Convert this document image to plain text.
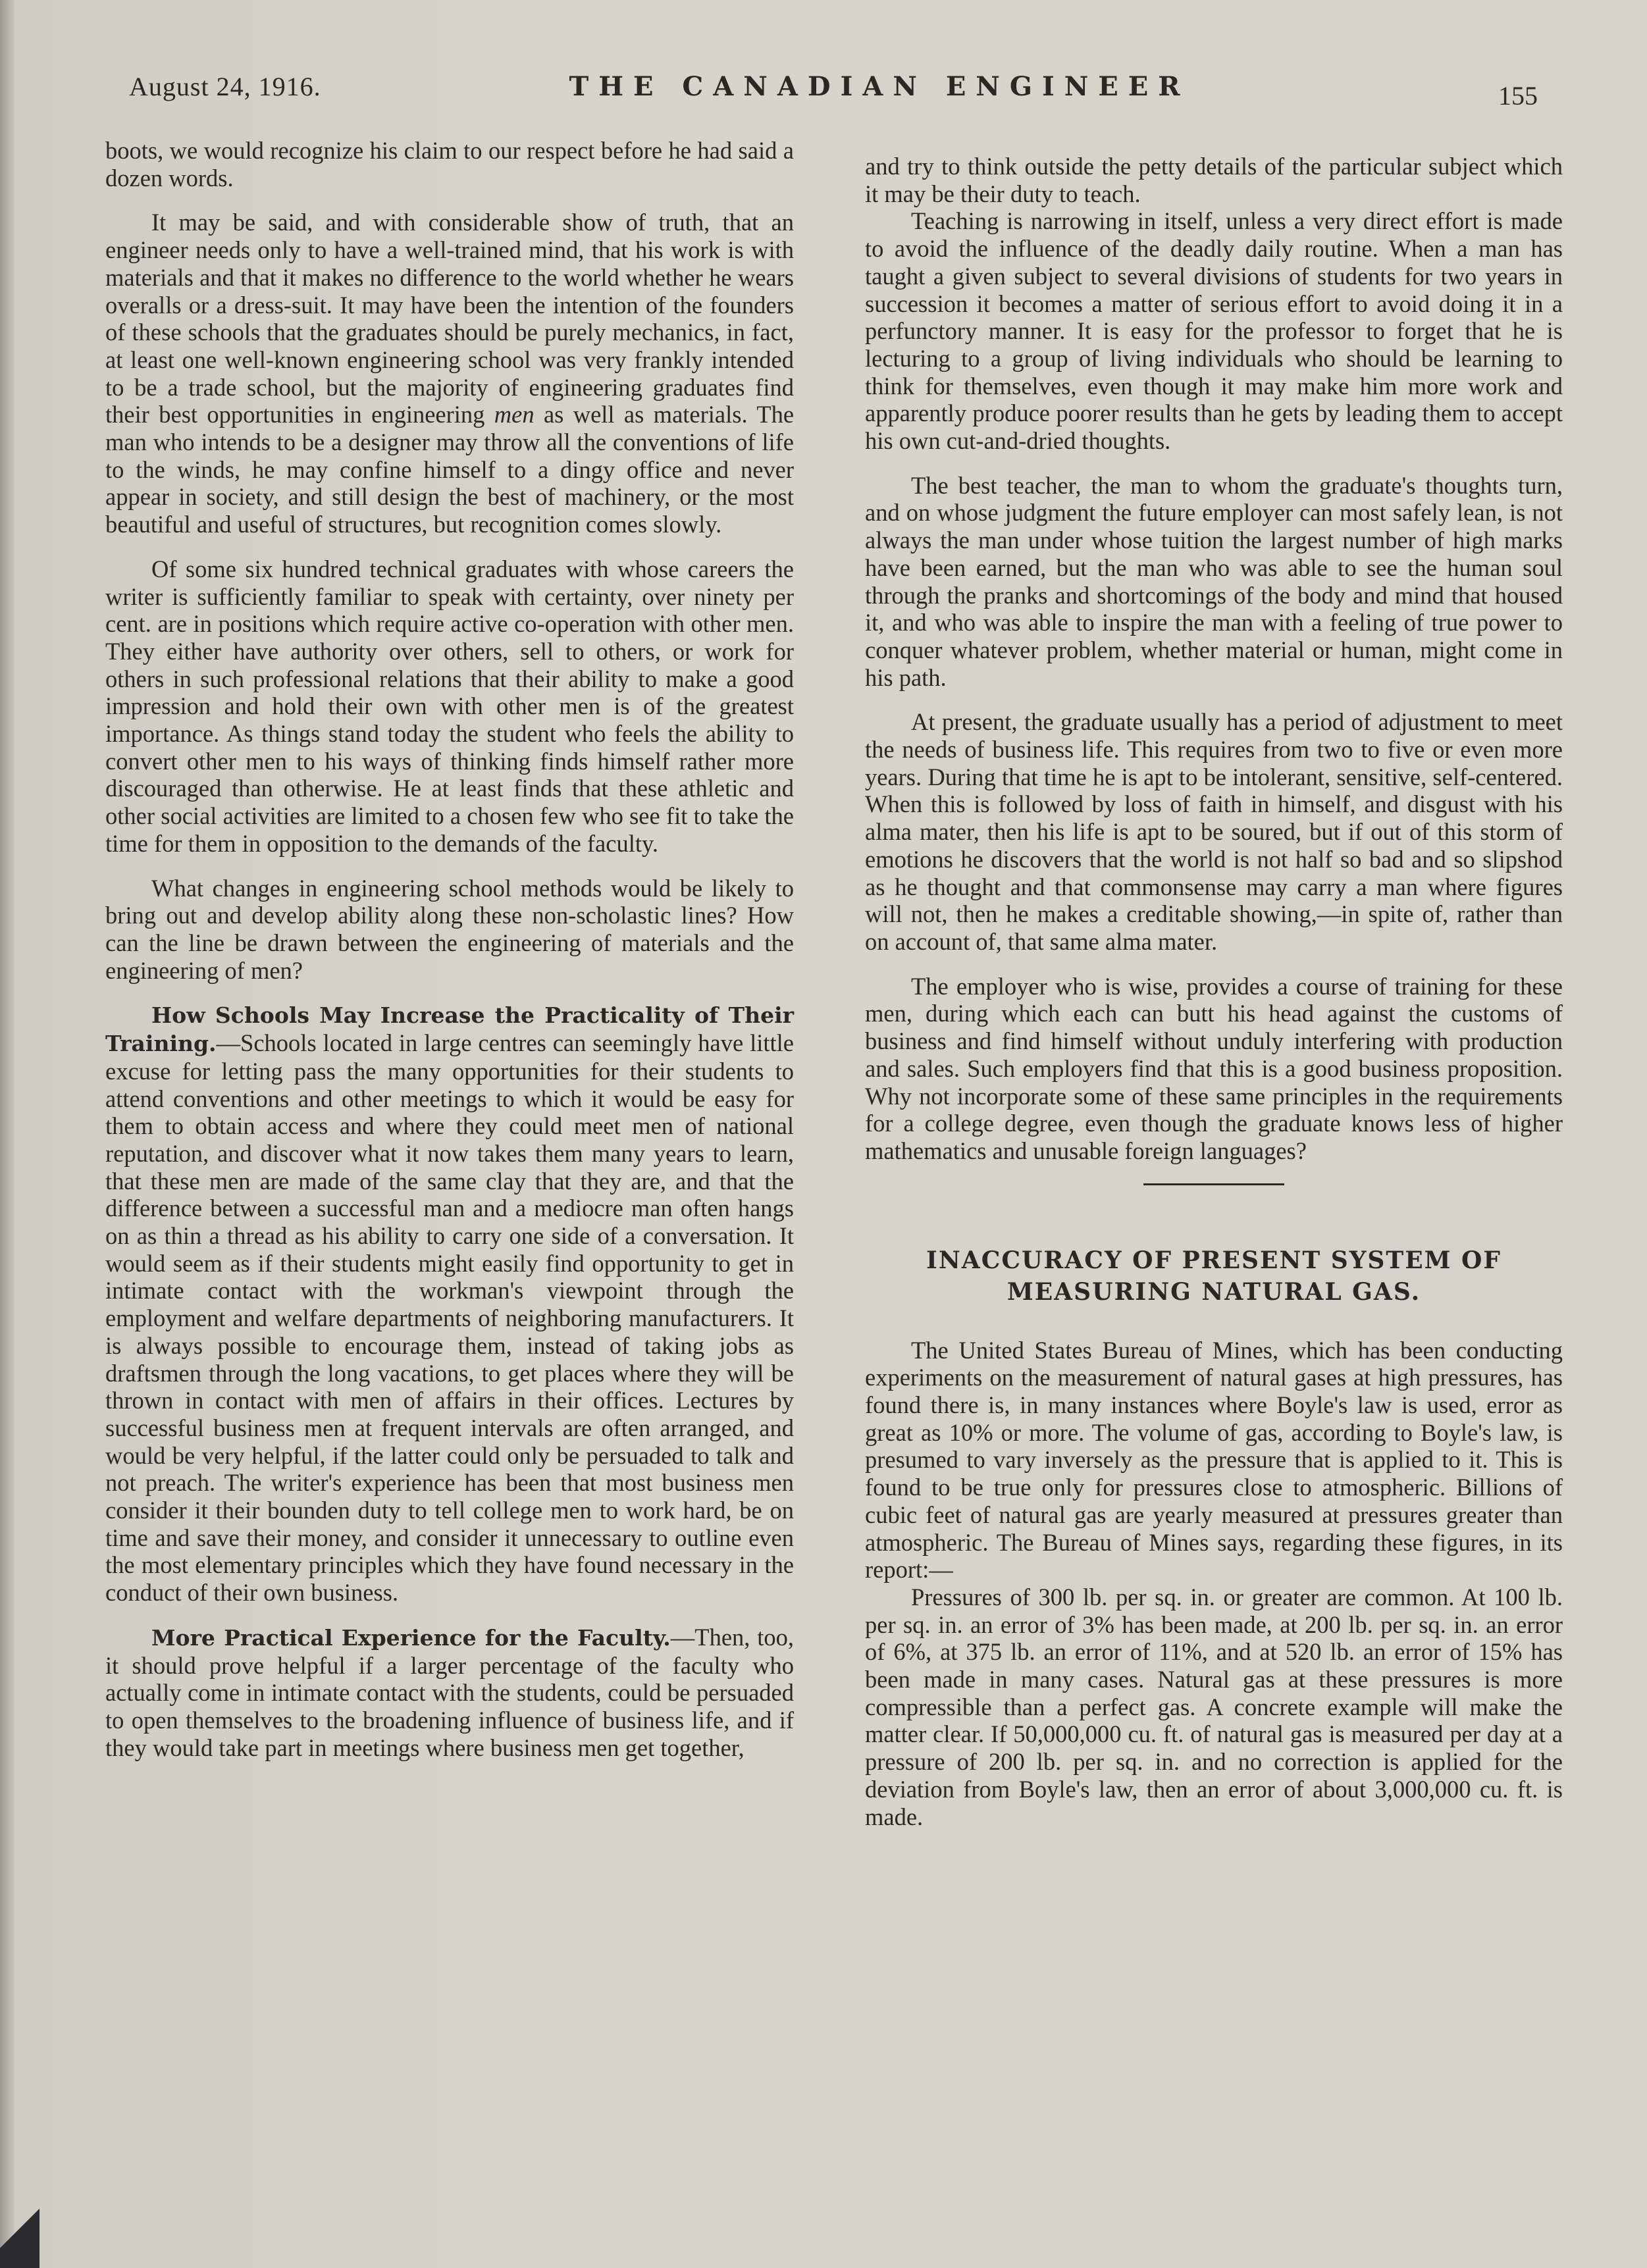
August 24, 1916.	THE CANADIAN ENGINEER	155

boots, we would recognize his claim to our respect before he had said a dozen words.

It may be said, and with considerable show of truth, that an engineer needs only to have a well-trained mind, that his work is with materials and that it makes no difference to the world whether he wears overalls or a dress-suit. It may have been the intention of the founders of these schools that the graduates should be purely mechanics, in fact, at least one well-known engineering school was very frankly intended to be a trade school, but the majority of engineering graduates find their best opportunities in engineering men as well as materials. The man who intends to be a designer may throw all the conventions of life to the winds, he may confine himself to a dingy office and never appear in society, and still design the best of machinery, or the most beautiful and useful of structures, but recognition comes slowly.

Of some six hundred technical graduates with whose careers the writer is sufficiently familiar to speak with certainty, over ninety per cent. are in positions which require active co-operation with other men. They either have authority over others, sell to others, or work for others in such professional relations that their ability to make a good impression and hold their own with other men is of the greatest importance. As things stand today the student who feels the ability to convert other men to his ways of thinking finds himself rather more discouraged than otherwise. He at least finds that these athletic and other social activities are limited to a chosen few who see fit to take the time for them in opposition to the demands of the faculty.

What changes in engineering school methods would be likely to bring out and develop ability along these non-scholastic lines? How can the line be drawn between the engineering of materials and the engineering of men?

How Schools May Increase the Practicality of Their Training.—Schools located in large centres can seemingly have little excuse for letting pass the many opportunities for their students to attend conventions and other meetings to which it would be easy for them to obtain access and where they could meet men of national reputation, and discover what it now takes them many years to learn, that these men are made of the same clay that they are, and that the difference between a successful man and a mediocre man often hangs on as thin a thread as his ability to carry one side of a conversation. It would seem as if their students might easily find opportunity to get in intimate contact with the workman's viewpoint through the employment and welfare departments of neighboring manufacturers. It is always possible to encourage them, instead of taking jobs as draftsmen through the long vacations, to get places where they will be thrown in contact with men of affairs in their offices. Lectures by successful business men at frequent intervals are often arranged, and would be very helpful, if the latter could only be persuaded to talk and not preach. The writer's experience has been that most business men consider it their bounden duty to tell college men to work hard, be on time and save their money, and consider it unnecessary to outline even the most elementary principles which they have found necessary in the conduct of their own business.

More Practical Experience for the Faculty.—Then, too, it should prove helpful if a larger percentage of the faculty who actually come in intimate contact with the students, could be persuaded to open themselves to the broadening influence of business life, and if they would take part in meetings where business men get together,

and try to think outside the petty details of the particular subject which it may be their duty to teach.

Teaching is narrowing in itself, unless a very direct effort is made to avoid the influence of the deadly daily routine. When a man has taught a given subject to several divisions of students for two years in succession it becomes a matter of serious effort to avoid doing it in a perfunctory manner. It is easy for the professor to forget that he is lecturing to a group of living individuals who should be learning to think for themselves, even though it may make him more work and apparently produce poorer results than he gets by leading them to accept his own cut-and-dried thoughts.

The best teacher, the man to whom the graduate's thoughts turn, and on whose judgment the future employer can most safely lean, is not always the man under whose tuition the largest number of high marks have been earned, but the man who was able to see the human soul through the pranks and shortcomings of the body and mind that housed it, and who was able to inspire the man with a feeling of true power to conquer whatever problem, whether material or human, might come in his path.

At present, the graduate usually has a period of adjustment to meet the needs of business life. This requires from two to five or even more years. During that time he is apt to be intolerant, sensitive, self-centered. When this is followed by loss of faith in himself, and disgust with his alma mater, then his life is apt to be soured, but if out of this storm of emotions he discovers that the world is not half so bad and so slipshod as he thought and that commonsense may carry a man where figures will not, then he makes a creditable showing,—in spite of, rather than on account of, that same alma mater.

The employer who is wise, provides a course of training for these men, during which each can butt his head against the customs of business and find himself without unduly interfering with production and sales. Such employers find that this is a good business proposition. Why not incorporate some of these same principles in the requirements for a college degree, even though the graduate knows less of higher mathematics and unusable foreign languages?

INACCURACY OF PRESENT SYSTEM OF
MEASURING NATURAL GAS.

The United States Bureau of Mines, which has been conducting experiments on the measurement of natural gases at high pressures, has found there is, in many instances where Boyle's law is used, error as great as 10% or more. The volume of gas, according to Boyle's law, is presumed to vary inversely as the pressure that is applied to it. This is found to be true only for pressures close to atmospheric. Billions of cubic feet of natural gas are yearly measured at pressures greater than atmospheric. The Bureau of Mines says, regarding these figures, in its report:—

Pressures of 300 lb. per sq. in. or greater are common. At 100 lb. per sq. in. an error of 3% has been made, at 200 lb. per sq. in. an error of 6%, at 375 lb. an error of 11%, and at 520 lb. an error of 15% has been made in many cases. Natural gas at these pressures is more compressible than a perfect gas. A concrete example will make the matter clear. If 50,000,000 cu. ft. of natural gas is measured per day at a pressure of 200 lb. per sq. in. and no correction is applied for the deviation from Boyle's law, then an error of about 3,000,000 cu. ft. is made.
